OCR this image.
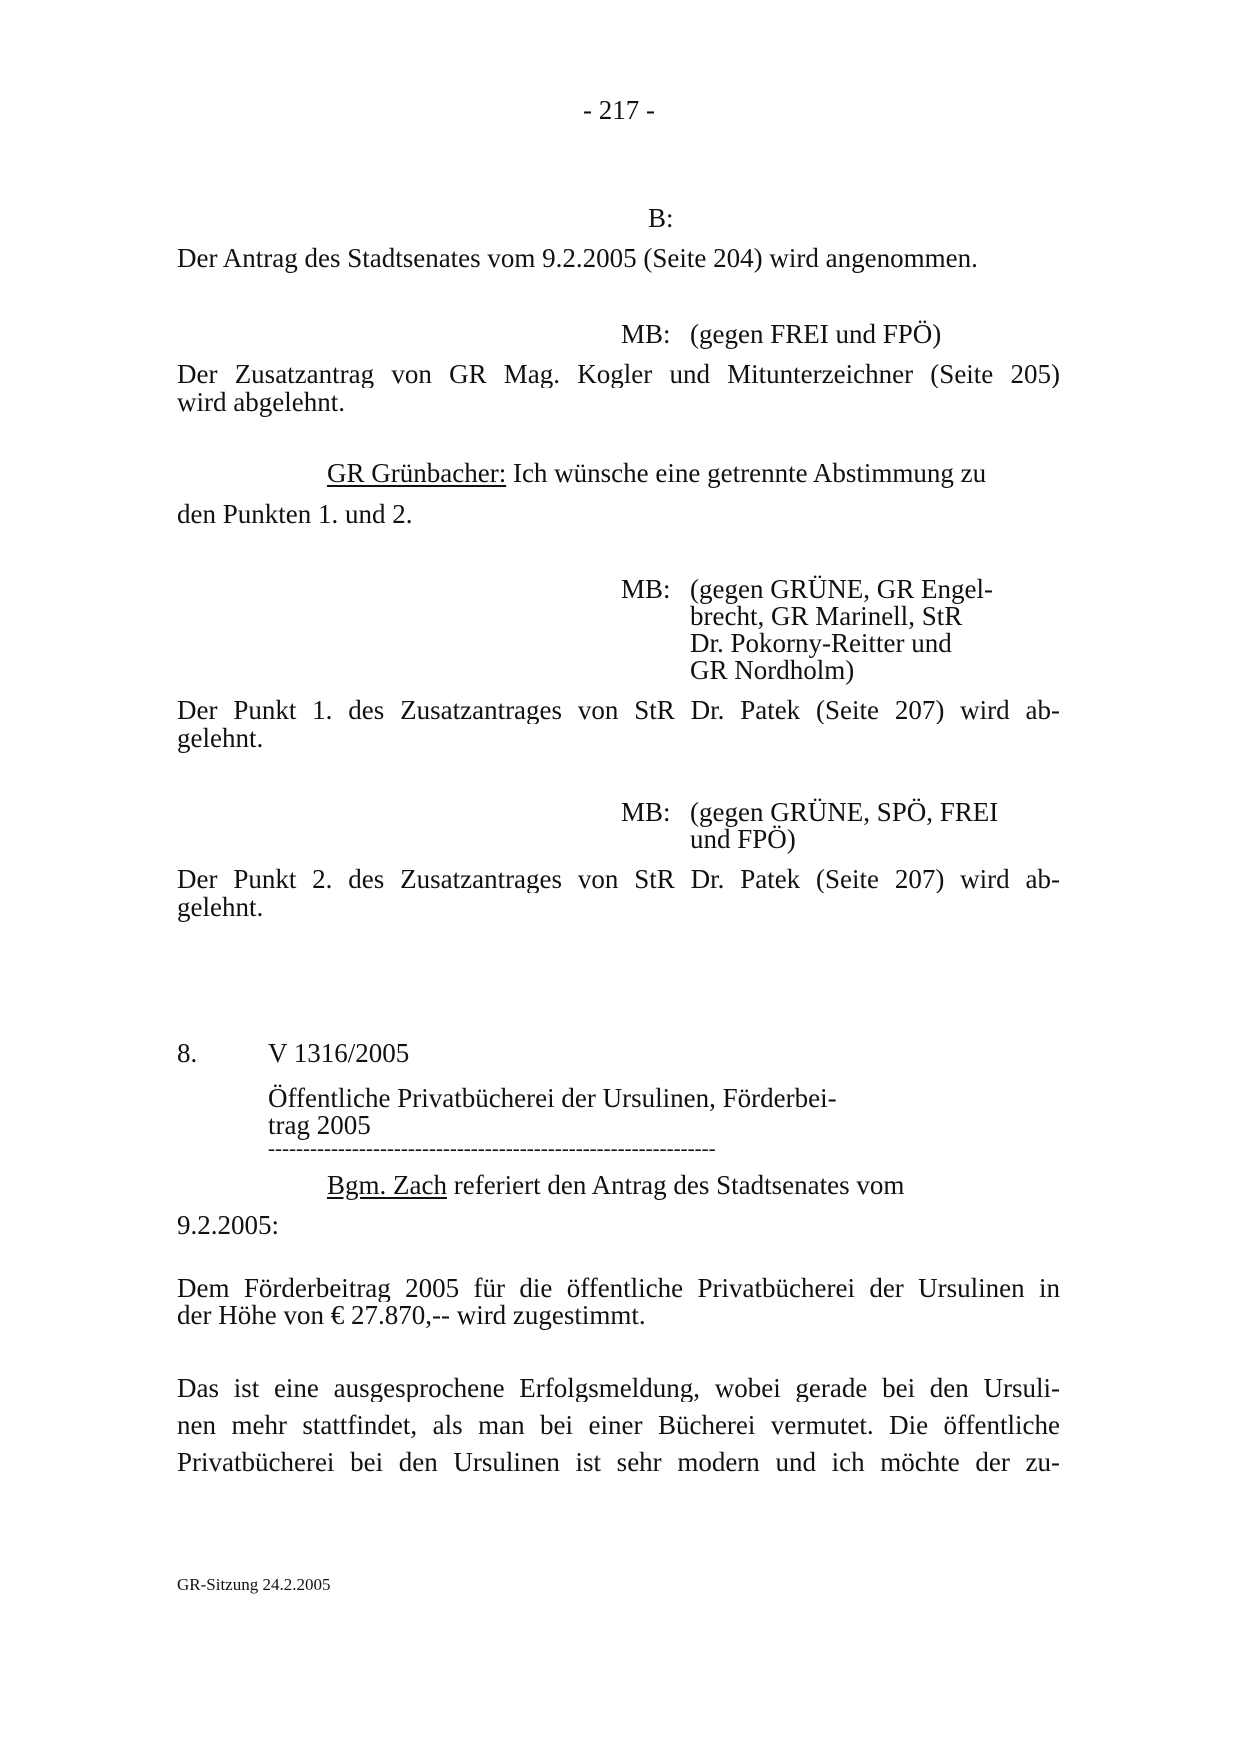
- 217 -
B:
Der Antrag des Stadtsenates vom 9.2.2005 (Seite 204) wird angenommen.
MB: (gegen FREI und FPÖ)
Der Zusatzantrag von GR Mag. Kogler und Mitunterzeichner (Seite 205)
wird abgelehnt.
GR Grünbacher: Ich wünsche eine getrennte Abstimmung zu
den Punkten 1. und 2.
MB: (gegen GRÜNE, GR Engel-
brecht, GR Marinell, StR
Dr. Pokorny-Reitter und
GR Nordholm)
Der Punkt 1. des Zusatzantrages von StR Dr. Patek (Seite 207) wird ab-
gelehnt.
MB: (gegen GRÜNE, SPÖ, FREI
und FPÖ)
Der Punkt 2. des Zusatzantrages von StR Dr. Patek (Seite 207) wird ab-
gelehnt.
8.	V 1316/2005
Öffentliche Privatbücherei der Ursulinen, Förderbei-
trag 2005
----------------------------------------------------------------
Bgm. Zach referiert den Antrag des Stadtsenates vom
9.2.2005:
Dem Förderbeitrag 2005 für die öffentliche Privatbücherei der Ursulinen in
der Höhe von € 27.870,-- wird zugestimmt.
Das ist eine ausgesprochene Erfolgsmeldung, wobei gerade bei den Ursuli-
nen mehr stattfindet, als man bei einer Bücherei vermutet. Die öffentliche
Privatbücherei bei den Ursulinen ist sehr modern und ich möchte der zu-
GR-Sitzung 24.2.2005
